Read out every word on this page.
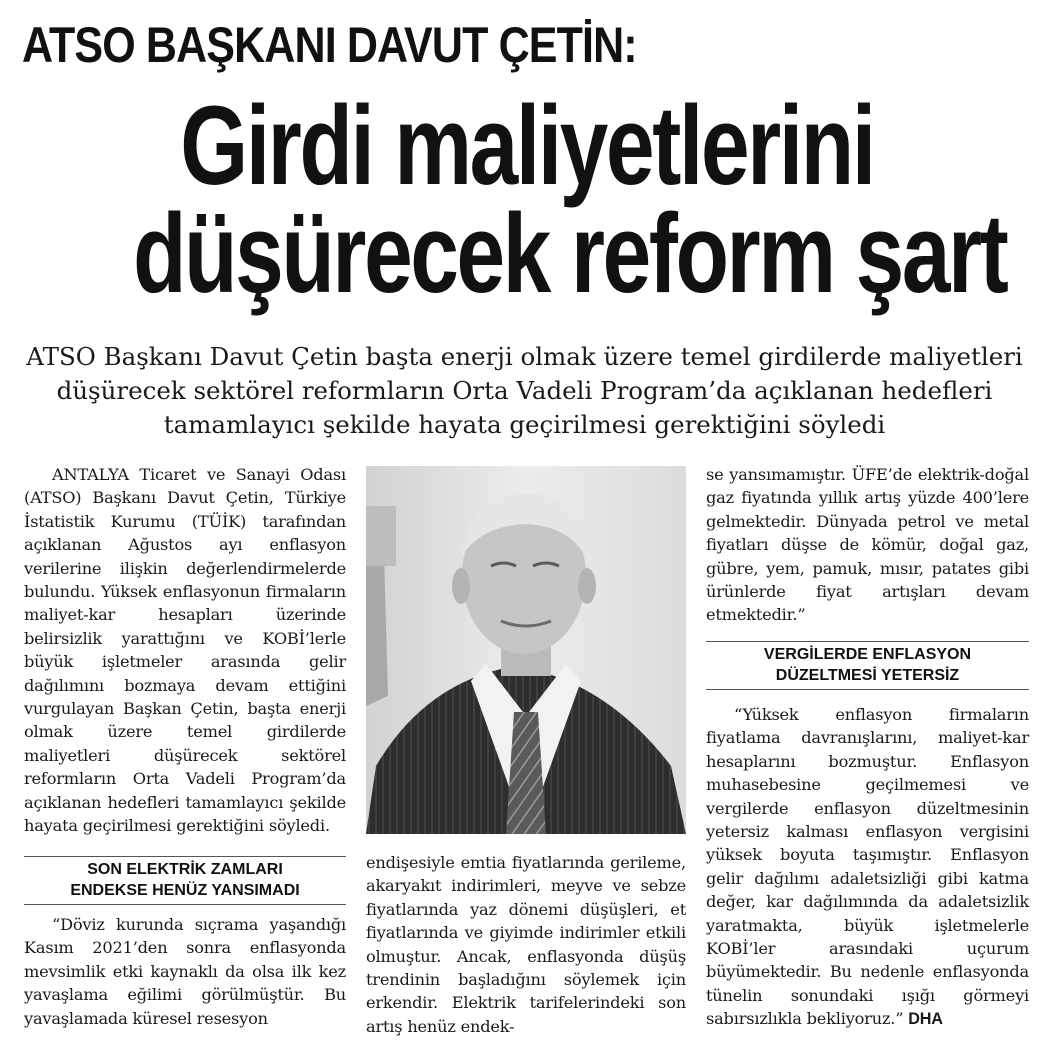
ATSO BAŞKANI DAVUT ÇETİN:
Girdi maliyetlerini
düşürecek reform şart
ATSO Başkanı Davut Çetin başta enerji olmak üzere temel girdilerde maliyetleri düşürecek sektörel reformların Orta Vadeli Program’da açıklanan hedefleri tamamlayıcı şekilde hayata geçirilmesi gerektiğini söyledi

ANTALYA Ticaret ve Sanayi Odası (ATSO) Başkanı Davut Çetin, Türkiye İstatistik Kurumu (TÜİK) tarafından açıklanan Ağustos ayı enflasyon verilerine ilişkin değerlendirmelerde bulundu. Yüksek enflasyonun firmaların maliyet-kar hesapları üzerinde belirsizlik yarattığını ve KOBİ’lerle büyük işletmeler arasında gelir dağılımını bozmaya devam ettiğini vurgulayan Başkan Çetin, başta enerji olmak üzere temel girdilerde maliyetleri düşürecek sektörel reformların Orta Vadeli Program’da açıklanan hedefleri tamamlayıcı şekilde hayata geçirilmesi gerektiğini söyledi.

SON ELEKTRİK ZAMLARI
ENDEKSE HENÜZ YANSIMADI

“Döviz kurunda sıçrama yaşandığı Kasım 2021’den sonra enflasyonda mevsimlik etki kaynaklı da olsa ilk kez yavaşlama eğilimi görülmüştür. Bu yavaşlamada küresel resesyon

endişesiyle emtia fiyatlarında gerileme, akaryakıt indirimleri, meyve ve sebze fiyatlarında yaz dönemi düşüşleri, et fiyatlarında ve giyimde indirimler etkili olmuştur. Ancak, enflasyonda düşüş trendinin başladığını söylemek için erkendir. Elektrik tarifelerindeki son artış henüz endek-

se yansımamıştır. ÜFE’de elektrik-doğal gaz fiyatında yıllık artış yüzde 400’lere gelmektedir. Dünyada petrol ve metal fiyatları düşse de kömür, doğal gaz, gübre, yem, pamuk, mısır, patates gibi ürünlerde fiyat artışları devam etmektedir.”

VERGİLERDE ENFLASYON
DÜZELTMESİ YETERSİZ

“Yüksek enflasyon firmaların fiyatlama davranışlarını, maliyet-kar hesaplarını bozmuştur. Enflasyon muhasebesine geçilmemesi ve vergilerde enflasyon düzeltmesinin yetersiz kalması enflasyon vergisini yüksek boyuta taşımıştır. Enflasyon gelir dağılımı adaletsizliği gibi katma değer, kar dağılımında da adaletsizlik yaratmakta, büyük işletmelerle KOBİ’ler arasındaki uçurum büyümektedir. Bu nedenle enflasyonda tünelin sonundaki ışığı görmeyi sabırsızlıkla bekliyoruz.” DHA
